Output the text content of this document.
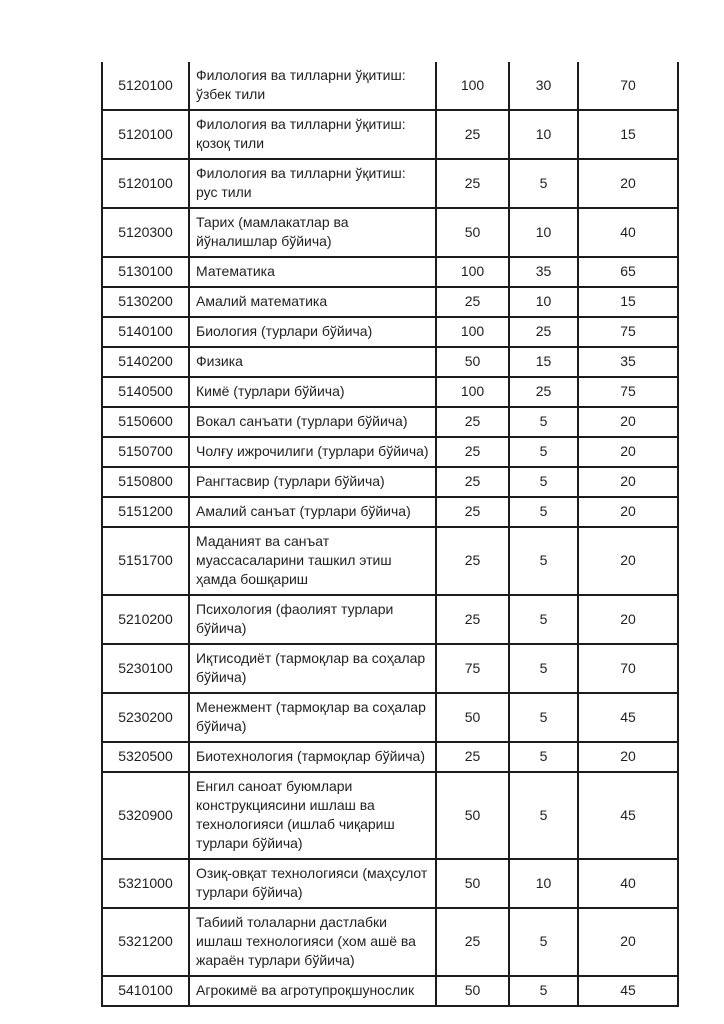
5120100	Филология ва тилларни ўқитиш: ўзбек тили	100	30	70
5120100	Филология ва тилларни ўқитиш: қозоқ тили	25	10	15
5120100	Филология ва тилларни ўқитиш: рус тили	25	5	20
5120300	Тарих (мамлакатлар ва йўналишлар бўйича)	50	10	40
5130100	Математика	100	35	65
5130200	Амалий математика	25	10	15
5140100	Биология (турлари бўйича)	100	25	75
5140200	Физика	50	15	35
5140500	Кимё (турлари бўйича)	100	25	75
5150600	Вокал санъати (турлари бўйича)	25	5	20
5150700	Чолғу ижрочилиги (турлари бўйича)	25	5	20
5150800	Рангтасвир (турлари бўйича)	25	5	20
5151200	Амалий санъат (турлари бўйича)	25	5	20
5151700	Маданият ва санъат муассасаларини ташкил этиш ҳамда бошқариш	25	5	20
5210200	Психология (фаолият турлари бўйича)	25	5	20
5230100	Иқтисодиёт (тармоқлар ва соҳалар бўйича)	75	5	70
5230200	Менежмент (тармоқлар ва соҳалар бўйича)	50	5	45
5320500	Биотехнология (тармоқлар бўйича)	25	5	20
5320900	Енгил саноат буюмлари конструкциясини ишлаш ва технологияси (ишлаб чиқариш турлари бўйича)	50	5	45
5321000	Озиқ-овқат технологияси (маҳсулот турлари бўйича)	50	10	40
5321200	Табиий толаларни дастлабки ишлаш технологияси (хом ашё ва жараён турлари бўйича)	25	5	20
5410100	Агрокимё ва агротупроқшунослик	50	5	45
